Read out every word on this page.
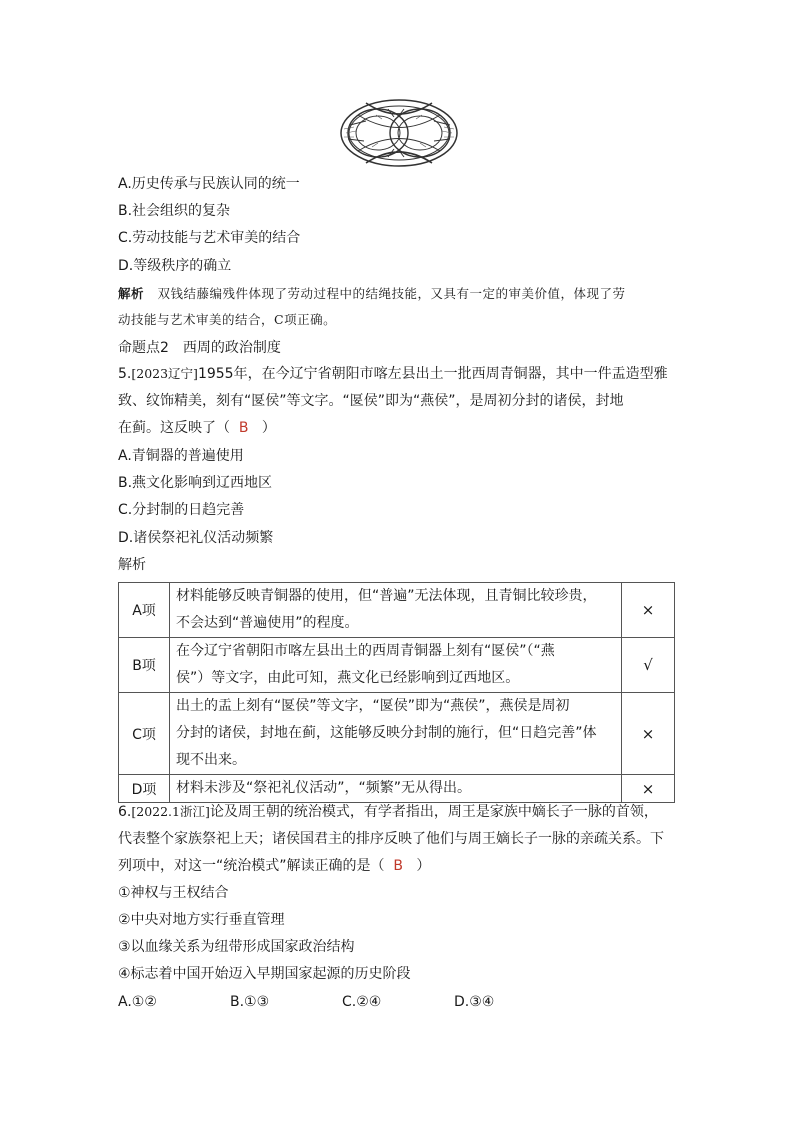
A.历史传承与民族认同的统一
B.社会组织的复杂
C.劳动技能与艺术审美的结合
D.等级秩序的确立
解析 双钱结藤编残件体现了劳动过程中的结绳技能，又具有一定的审美价值，体现了劳
动技能与艺术审美的结合，C项正确。
命题点2　西周的政治制度
5.[2023辽宁]1955年，在今辽宁省朝阳市喀左县出土一批西周青铜器，其中一件盂造型雅
致、纹饰精美，刻有“匽侯”等文字。“匽侯”即为“燕侯”，是周初分封的诸侯，封地
在蓟。这反映了（ B ）
A.青铜器的普遍使用
B.燕文化影响到辽西地区
C.分封制的日趋完善
D.诸侯祭祀礼仪活动频繁
解析
A项	材料能够反映青铜器的使用，但“普遍”无法体现，且青铜比较珍贵，
不会达到“普遍使用”的程度。	×
B项	在今辽宁省朝阳市喀左县出土的西周青铜器上刻有“匽侯”（“燕
侯”）等文字，由此可知，燕文化已经影响到辽西地区。	√
C项	出土的盂上刻有“匽侯”等文字，“匽侯”即为“燕侯”，燕侯是周初
分封的诸侯，封地在蓟，这能够反映分封制的施行，但“日趋完善”体
现不出来。	×
D项	材料未涉及“祭祀礼仪活动”，“频繁”无从得出。	×
6.[2022.1浙江]论及周王朝的统治模式，有学者指出，周王是家族中嫡长子一脉的首领，
代表整个家族祭祀上天；诸侯国君主的排序反映了他们与周王嫡长子一脉的亲疏关系。下
列项中，对这一“统治模式”解读正确的是（ B ）
①神权与王权结合
②中央对地方实行垂直管理
③以血缘关系为纽带形成国家政治结构
④标志着中国开始迈入早期国家起源的历史阶段
A.①②	B.①③	C.②④	D.③④
